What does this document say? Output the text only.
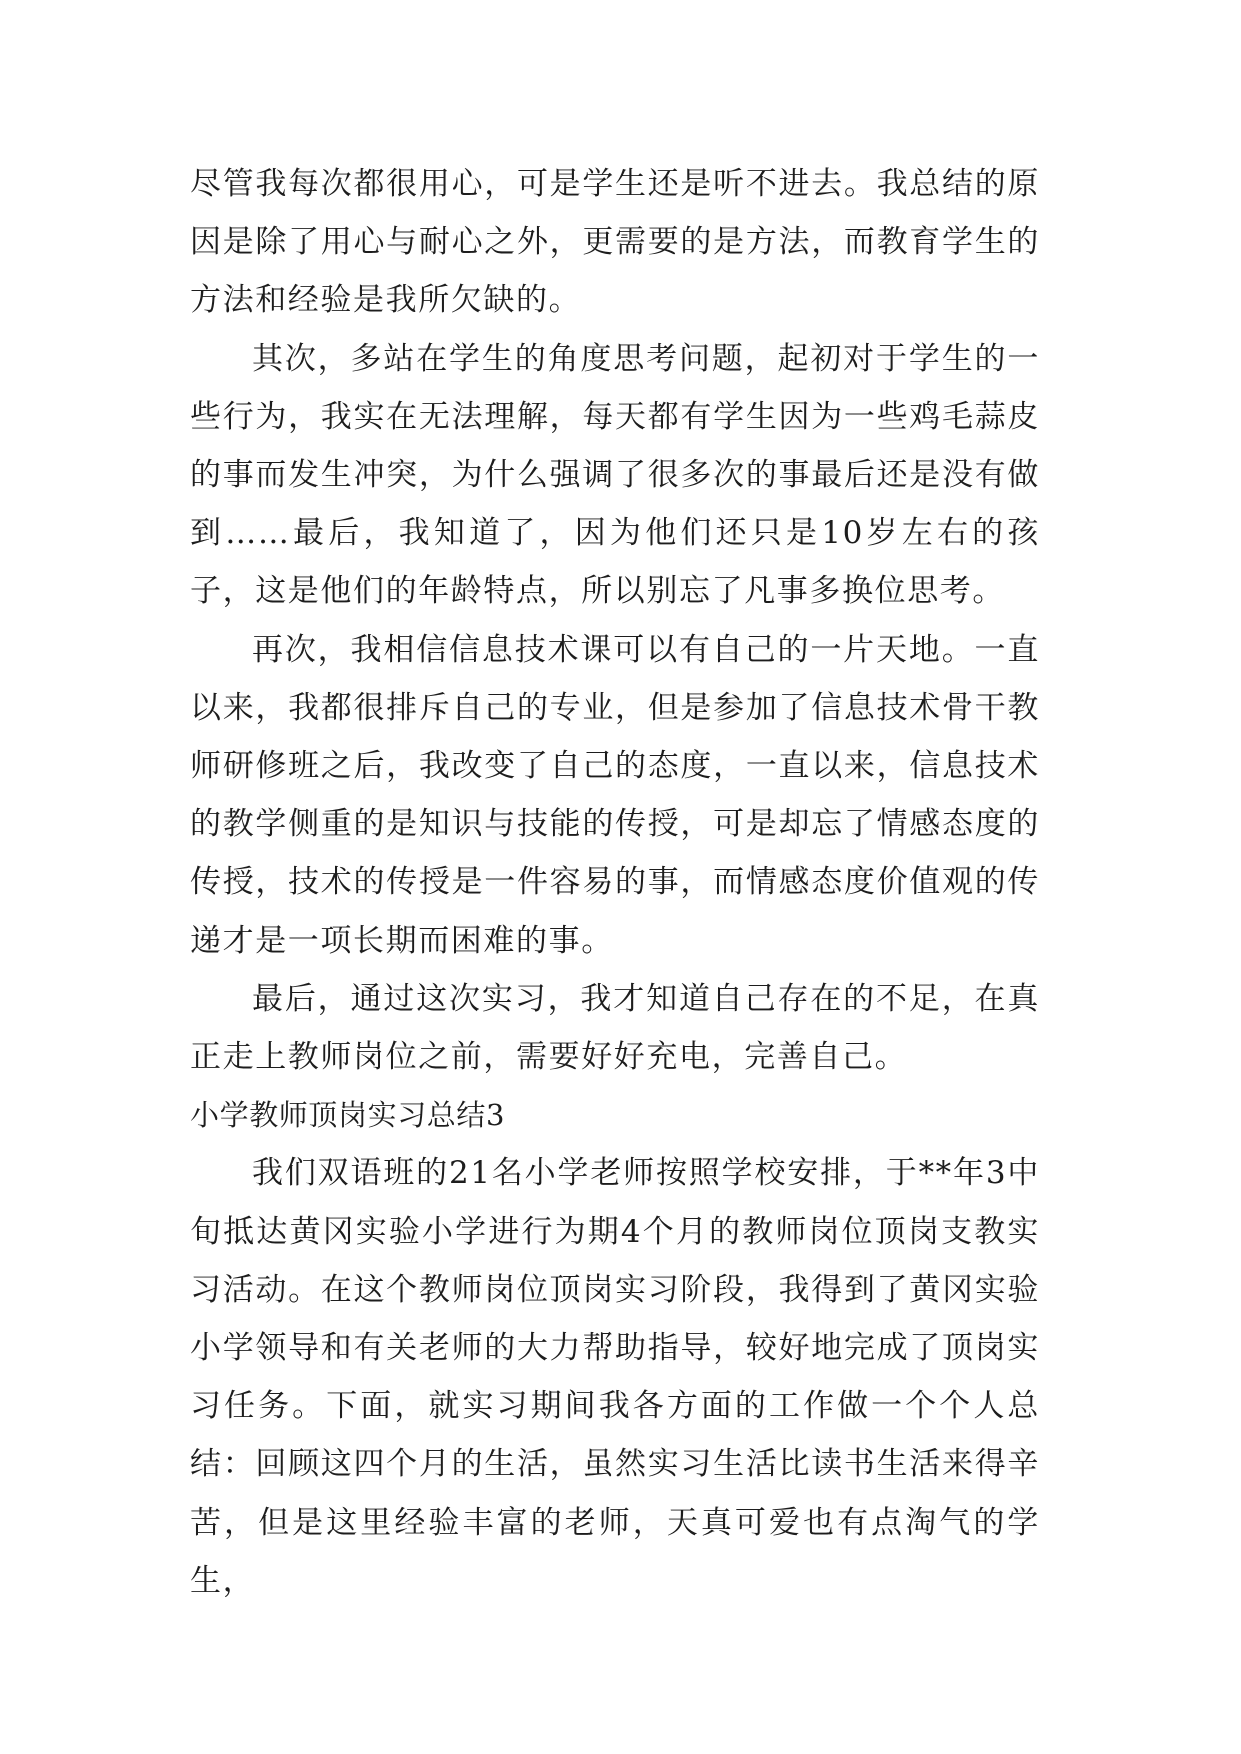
尽管我每次都很用心，可是学生还是听不进去。我总结的原因是除了用心与耐心之外，更需要的是方法，而教育学生的方法和经验是我所欠缺的。

其次，多站在学生的角度思考问题，起初对于学生的一些行为，我实在无法理解，每天都有学生因为一些鸡毛蒜皮的事而发生冲突，为什么强调了很多次的事最后还是没有做到……最后，我知道了，因为他们还只是10岁左右的孩子，这是他们的年龄特点，所以别忘了凡事多换位思考。

再次，我相信信息技术课可以有自己的一片天地。一直以来，我都很排斥自己的专业，但是参加了信息技术骨干教师研修班之后，我改变了自己的态度，一直以来，信息技术的教学侧重的是知识与技能的传授，可是却忘了情感态度的传授，技术的传授是一件容易的事，而情感态度价值观的传递才是一项长期而困难的事。

最后，通过这次实习，我才知道自己存在的不足，在真正走上教师岗位之前，需要好好充电，完善自己。

小学教师顶岗实习总结3

我们双语班的21名小学老师按照学校安排，于**年3中旬抵达黄冈实验小学进行为期4个月的教师岗位顶岗支教实习活动。在这个教师岗位顶岗实习阶段，我得到了黄冈实验小学领导和有关老师的大力帮助指导，较好地完成了顶岗实习任务。下面，就实习期间我各方面的工作做一个个人总结：回顾这四个月的生活，虽然实习生活比读书生活来得辛苦，但是这里经验丰富的老师，天真可爱也有点淘气的学生，
